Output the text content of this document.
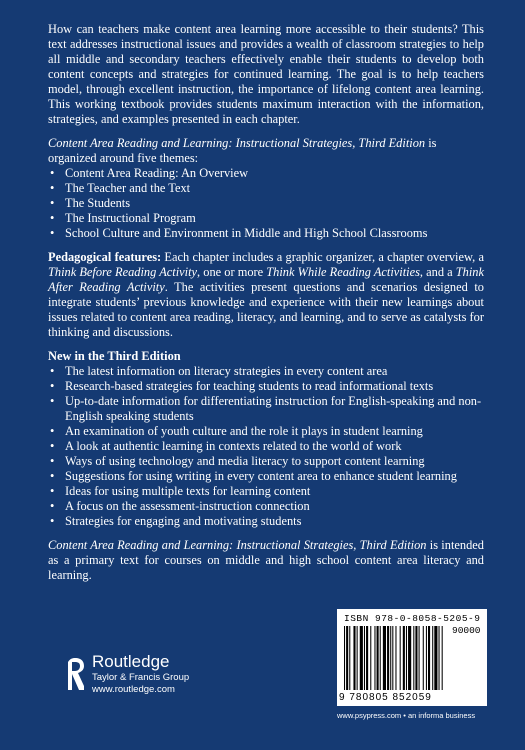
How can teachers make content area learning more accessible to their students? This text addresses instructional issues and provides a wealth of classroom strategies to help all middle and secondary teachers effectively enable their students to develop both content concepts and strategies for continued learning. The goal is to help teachers model, through excellent instruction, the importance of lifelong content area learning. This working textbook provides students maximum interaction with the information, strategies, and examples presented in each chapter.

Content Area Reading and Learning: Instructional Strategies, Third Edition is organized around five themes:

• Content Area Reading: An Overview
• The Teacher and the Text
• The Students
• The Instructional Program
• School Culture and Environment in Middle and High School Classrooms

Pedagogical features: Each chapter includes a graphic organizer, a chapter overview, a Think Before Reading Activity, one or more Think While Reading Activities, and a Think After Reading Activity. The activities present questions and scenarios designed to integrate students’ previous knowledge and experience with their new learnings about issues related to content area reading, literacy, and learning, and to serve as catalysts for thinking and discussions.

New in the Third Edition
• The latest information on literacy strategies in every content area
• Research-based strategies for teaching students to read informational texts
• Up-to-date information for differentiating instruction for English-speaking and non-English speaking students
• An examination of youth culture and the role it plays in student learning
• A look at authentic learning in contexts related to the world of work
• Ways of using technology and media literacy to support content learning
• Suggestions for using writing in every content area to enhance student learning
• Ideas for using multiple texts for learning content
• A focus on the assessment-instruction connection
• Strategies for engaging and motivating students

Content Area Reading and Learning: Instructional Strategies, Third Edition is intended as a primary text for courses on middle and high school content area literacy and learning.

ROUTLEDGE Routledge
Taylor & Francis Group
www.routledge.com
ISBN 978-0-8058-5205-9
90000
9 780805 852059
www.psypress.com • an informa business
